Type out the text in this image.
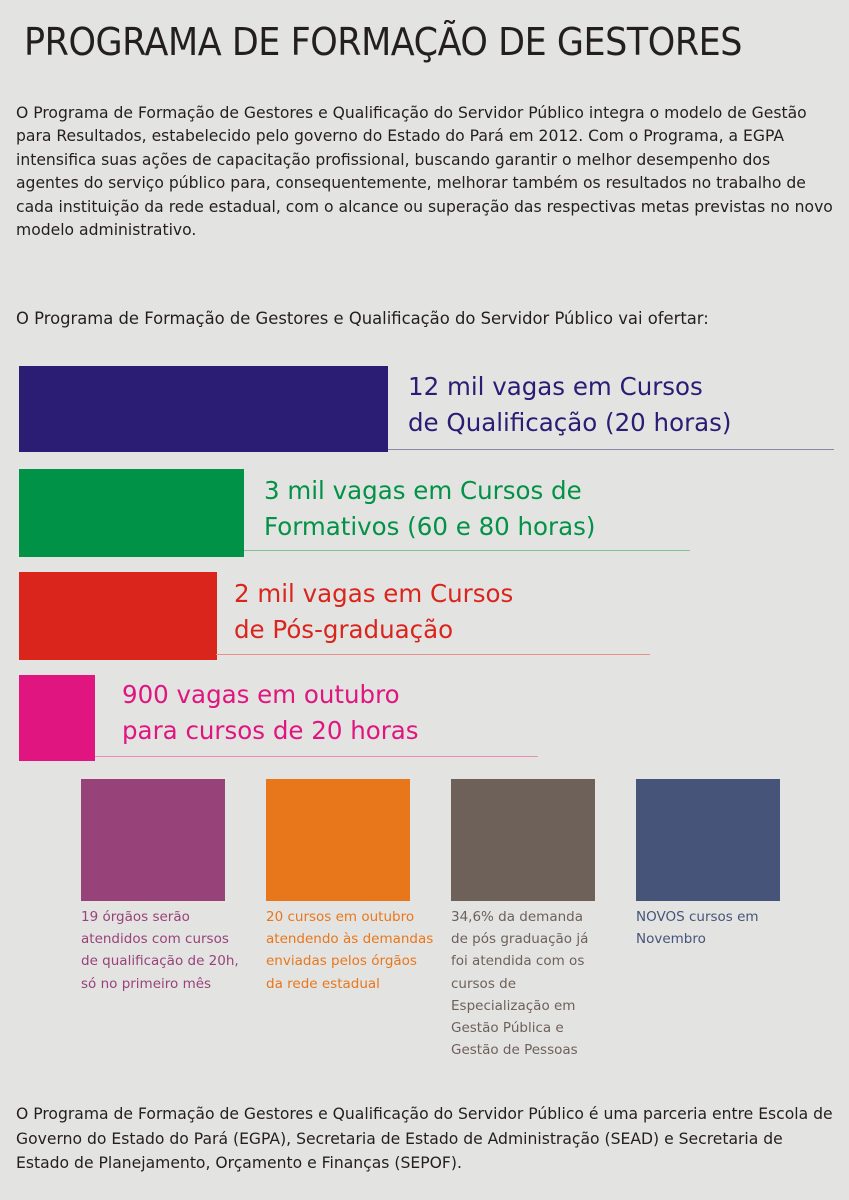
PROGRAMA DE FORMAÇÃO DE GESTORES

O Programa de Formação de Gestores e Qualificação do Servidor Público integra o modelo de Gestão para Resultados, estabelecido pelo governo do Estado do Pará em 2012. Com o Programa, a EGPA intensifica suas ações de capacitação profissional, buscando garantir o melhor desempenho dos agentes do serviço público para, consequentemente, melhorar também os resultados no trabalho de cada instituição da rede estadual, com o alcance ou superação das respectivas metas previstas no novo modelo administrativo.

O Programa de Formação de Gestores e Qualificação do Servidor Público vai ofertar:

12 mil vagas em Cursos
de Qualificação (20 horas)

3 mil vagas em Cursos de
Formativos (60 e 80 horas)

2 mil vagas em Cursos
de Pós-graduação

900 vagas em outubro
para cursos de 20 horas

19 órgãos serão
atendidos com cursos
de qualificação de 20h,
só no primeiro mês

20 cursos em outubro
atendendo às demandas
enviadas pelos órgãos
da rede estadual

34,6% da demanda
de pós graduação já
foi atendida com os
cursos de
Especialização em
Gestão Pública e
Gestão de Pessoas

NOVOS cursos em
Novembro

O Programa de Formação de Gestores e Qualificação do Servidor Público é uma parceria entre Escola de Governo do Estado do Pará (EGPA), Secretaria de Estado de Administração (SEAD) e Secretaria de Estado de Planejamento, Orçamento e Finanças (SEPOF).
